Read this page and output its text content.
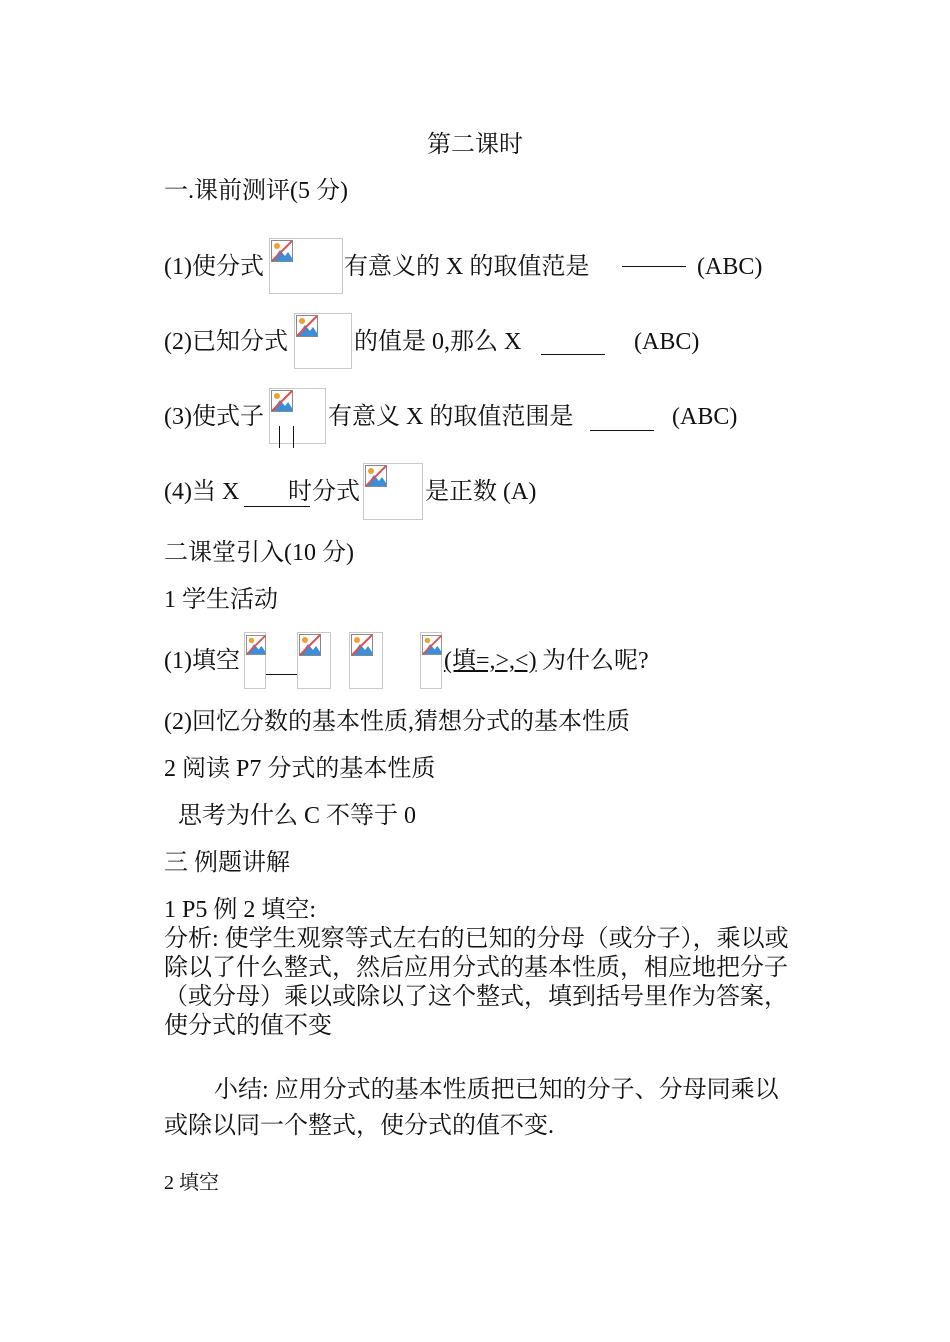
第二课时
一.课前测评(5 分)
(1)使分式	有意义的 X 的取值范是	(ABC)
(2)已知分式	的值是 0,那么 X	(ABC)
(3)使式子	有意义 X 的取值范围是	(ABC)
(4)当 X 时分式	是正数 (A)
二课堂引入(10 分)
1 学生活动
(1)填空	(填=,>,<) 为什么呢?
(2)回忆分数的基本性质,猜想分式的基本性质
2 阅读 P7 分式的基本性质
思考为什么 C 不等于 0
三 例题讲解
1 P5 例 2 填空:
分析: 使学生观察等式左右的已知的分母（或分子），乘以或除以了什么整式，然后应用分式的基本性质，相应地把分子（或分母）乘以或除以了这个整式，填到括号里作为答案，使分式的值不变
小结: 应用分式的基本性质把已知的分子、分母同乘以或除以同一个整式，使分式的值不变.
2 填空
